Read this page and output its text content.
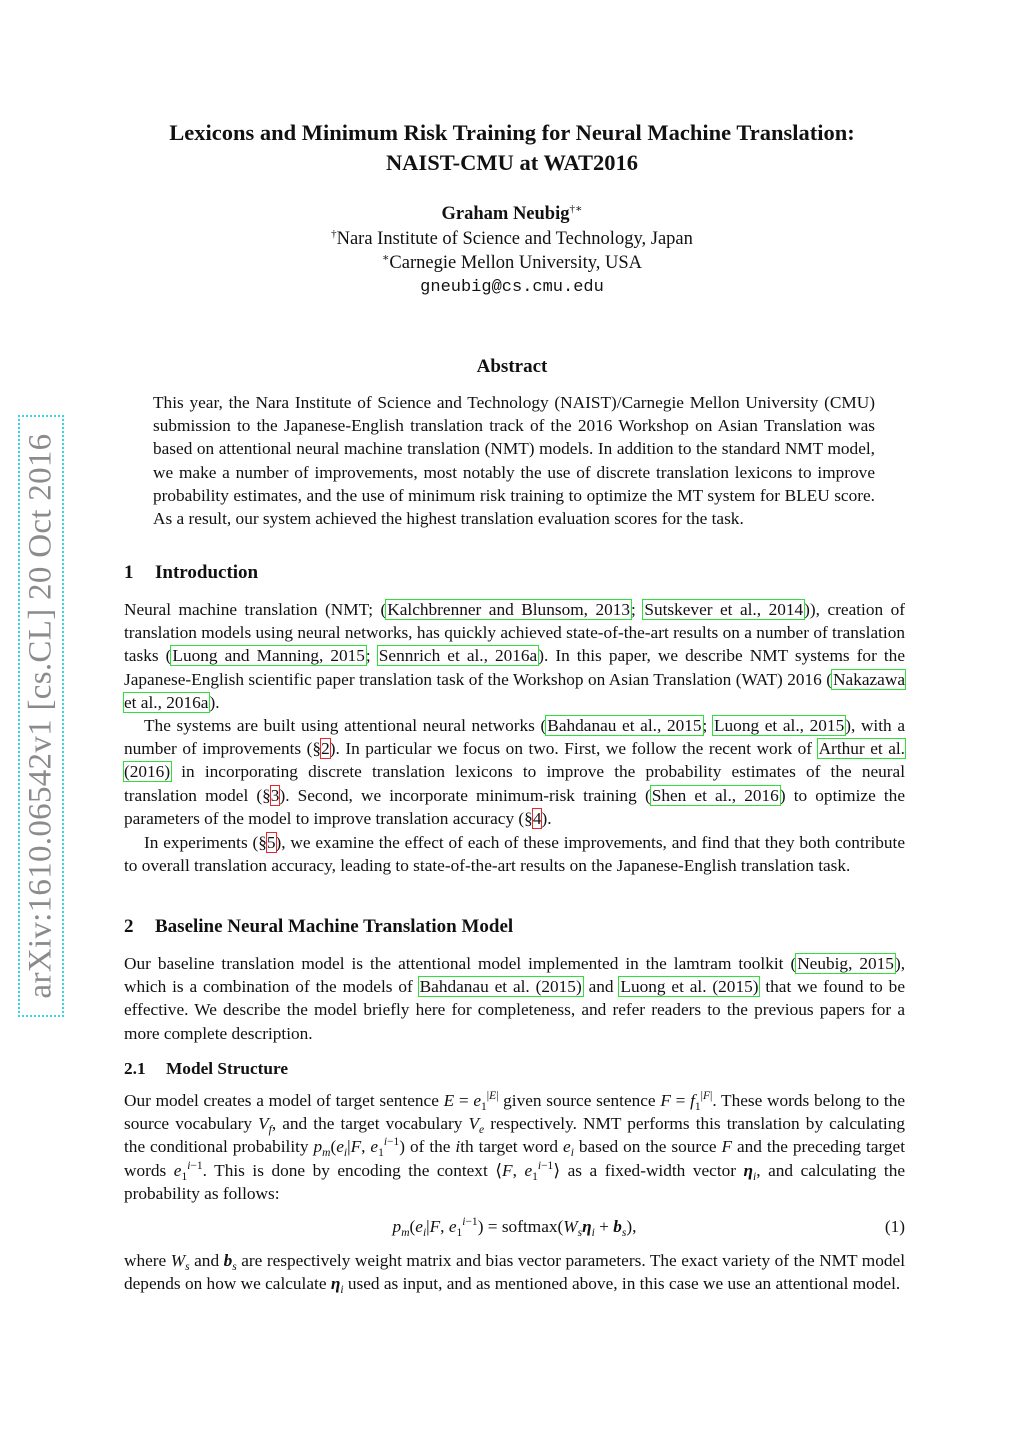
arXiv:1610.06542v1 [cs.CL] 20 Oct 2016
Lexicons and Minimum Risk Training for Neural Machine Translation:
NAIST-CMU at WAT2016
Graham Neubig†∗
†Nara Institute of Science and Technology, Japan
∗Carnegie Mellon University, USA
gneubig@cs.cmu.edu
Abstract

This year, the Nara Institute of Science and Technology (NAIST)/Carnegie Mellon University (CMU) submission to the Japanese-English translation track of the 2016 Workshop on Asian Translation was based on attentional neural machine translation (NMT) models. In addition to the standard NMT model, we make a number of improvements, most notably the use of discrete translation lexicons to improve probability estimates, and the use of minimum risk training to optimize the MT system for BLEU score. As a result, our system achieved the highest translation evaluation scores for the task.

1 Introduction

Neural machine translation (NMT; (Kalchbrenner and Blunsom, 2013; Sutskever et al., 2014)), creation of translation models using neural networks, has quickly achieved state-of-the-art results on a number of translation tasks (Luong and Manning, 2015; Sennrich et al., 2016a). In this paper, we describe NMT systems for the Japanese-English scientific paper translation task of the Workshop on Asian Translation (WAT) 2016 (Nakazawa et al., 2016a).

The systems are built using attentional neural networks (Bahdanau et al., 2015; Luong et al., 2015), with a number of improvements (§2). In particular we focus on two. First, we follow the recent work of Arthur et al. (2016) in incorporating discrete translation lexicons to improve the probability estimates of the neural translation model (§3). Second, we incorporate minimum-risk training (Shen et al., 2016) to optimize the parameters of the model to improve translation accuracy (§4).

In experiments (§5), we examine the effect of each of these improvements, and find that they both contribute to overall translation accuracy, leading to state-of-the-art results on the Japanese-English translation task.

2 Baseline Neural Machine Translation Model

Our baseline translation model is the attentional model implemented in the lamtram toolkit (Neubig, 2015), which is a combination of the models of Bahdanau et al. (2015) and Luong et al. (2015) that we found to be effective. We describe the model briefly here for completeness, and refer readers to the previous papers for a more complete description.

2.1 Model Structure

Our model creates a model of target sentence $E = e_1^{|E|}$ given source sentence $F = f_1^{|F|}$. These words belong to the source vocabulary $V_f$, and the target vocabulary $V_e$ respectively. NMT performs this translation by calculating the conditional probability $p_m(e_i|F$, $e_1^{i-1}$) of the ith target word $e_i$ based on the source F and the preceding target words $e_1^{i-1}$. This is done by encoding the context ⟨F, $e_1^{i-1}⟩$ as a fixed-width vector $\eta_i$, and calculating the probability as follows:

$p_m(e_i|F$, $e_1^{i-1}$) = $softmax(W_s\eta_i + b_s)$,	(1)

where $W_s$ and $b_s$ are respectively weight matrix and bias vector parameters. The exact variety of the NMT model depends on how we calculate $\eta_i$ used as input, and as mentioned above, in this case we use an attentional model.
